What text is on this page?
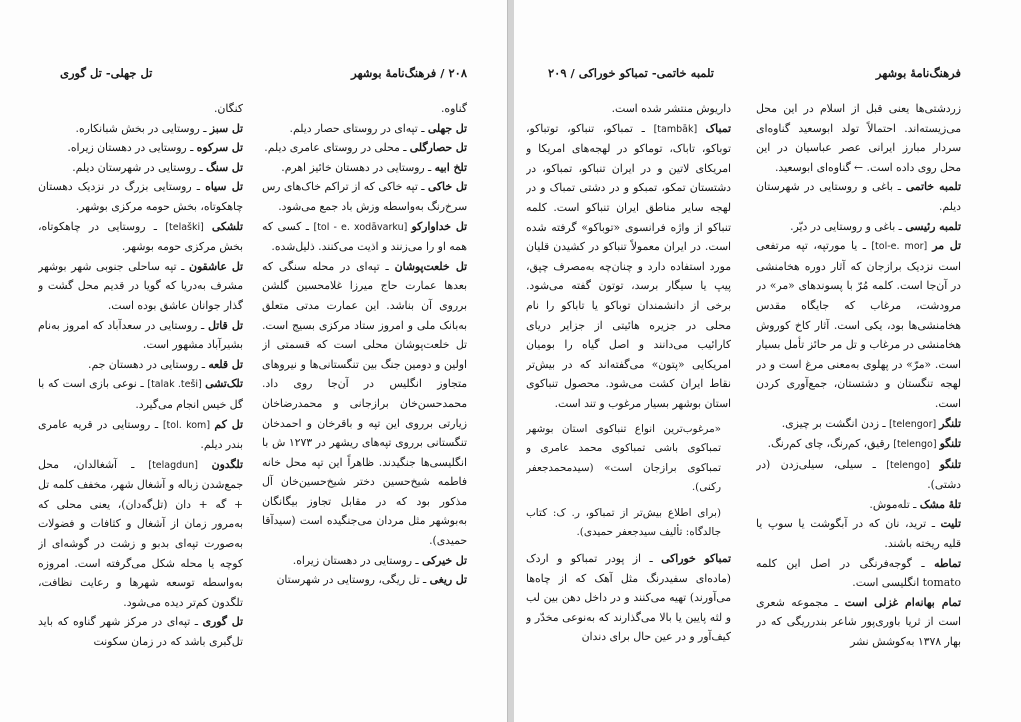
۲۰۸ / فرهنگ‌نامهٔ بوشهر
تل جهلی- تل گوری

گناوه.

تل جهلی ـ تپه‌ای در روستای حصار دیلم.

تل حصارگلی ـ محلی در روستای عامری دیلم.

تلخ ابیه ـ روستایی در دهستان خائیز اهرم.

تل خاکی ـ تپه خاکی که از تراکم خاک‌های رس سرخ‌رنگ به‌واسطه وزش باد جمع می‌شود.

تل خداوارکو [tol - e. xodāvarku] ـ کسی که همه او را می‌زنند و اذیت می‌کنند. ذلیل‌شده.

تل خلعت‌پوشان ـ تپه‌ای در محله سنگی که بعدها عمارت حاج میرزا غلامحسین گلشن برروی آن بناشد. این عمارت مدتی متعلق به‌بانک ملی و امروز ستاد مرکزی بسیج است. تل خلعت‌پوشان محلی است که قسمتی از اولین و دومین جنگ بین تنگستانی‌ها و نیروهای متجاوز انگلیس در آن‌جا روی داد. محمدحسن‌خان برازجانی و محمدرضاخان زیارتی برروی این تپه و باقرخان و احمدخان تنگستانی برروی تپه‌های ریشهر در ۱۲۷۳ ش با انگلیسی‌ها جنگیدند. ظاهراً این تپه محل خانه فاطمه شیخ‌حسین دختر شیخ‌حسین‌خان آل مذکور بود که در مقابل تجاوز بیگانگان به‌بوشهر مثل مردان می‌جنگیده است (سیدآقا حمیدی).

تل خیرکی ـ روستایی در دهستان زیراه.

تل ریغی ـ تل ریگی، روستایی در شهرستان

کنگان.

تل سبز ـ روستایی در بخش شبانکاره.

تل سرکوه ـ روستایی در دهستان زیراه.

تل سنگ ـ روستایی در شهرستان دیلم.

تل سیاه ـ روستایی بزرگ در نزدیک دهستان چاهکوتاه، بخش حومه مرکزی بوشهر.

تلشکی [telaški] ـ روستایی در چاهکوتاه، بخش مرکزی حومه بوشهر.

تل عاشقون ـ تپه ساحلی جنوبی شهر بوشهر مشرف به‌دریا که گویا در قدیم محل گشت و گذار جوانان عاشق بوده است.

تل قاتل ـ روستایی در سعدآباد که امروز به‌نام بشیرآباد مشهور است.

تل قلعه ـ روستایی در دهستان جم.

تلک‌تشی [talak .teši] ـ نوعی بازی است که با گل خیس انجام می‌گیرد.

تل کم [tol. kom] ـ روستایی در قریه عامری بندر دیلم.

تلگدون [telagdun] ـ آشغالدان، محل جمع‌شدن زباله و آشغال شهر، مخفف کلمه تل + گه + دان (تل‌گه‌دان)، یعنی محلی که به‌مرور زمان از آشغال و کثافات و فضولات به‌صورت تپه‌ای بدبو و زشت در گوشه‌ای از کوچه یا محله شکل می‌گرفته است. امروزه به‌واسطه توسعه شهرها و رعایت نظافت، تلگدون کم‌تر دیده می‌شود.

تل گوری ـ تپه‌ای در مرکز شهر گناوه که باید تل‌گبری باشد که در زمان سکونت

فرهنگ‌نامهٔ بوشهر
تلمبه خاتمی- تمباکو خوراکی / ۲۰۹

زردشتی‌ها یعنی قبل از اسلام در این محل می‌زیسته‌اند. احتمالاً تولد ابوسعید گناوه‌ای سردار مبارز ایرانی عصر عباسیان در این محل روی داده است. ← گناوه‌ای ابوسعید.

تلمبه خاتمی ـ باغی و روستایی در شهرستان دیلم.

تلمبه رئیسی ـ باغی و روستایی در دیّر.

تل مر [tol-e. mor] ـ یا مورتپه، تپه مرتفعی است نزدیک برازجان که آثار دوره هخامنشی در آن‌جا است. کلمه مُرّ با پسوندهای «مر» در مرودشت، مرغاب که جایگاه مقدس هخامنشی‌ها بود، یکی است. آثار کاخ کوروش هخامنشی در مرغاب و تل مر حائز تأمل بسیار است. «مرّ» در پهلوی به‌معنی مرغ است و در لهجه تنگستان و دشتستان، جمع‌آوری کردن است.

تلنگر [telengor] ـ زدن انگشت بر چیزی.

تلنگو [telengo] رقیق، کم‌رنگ، چای کم‌رنگ.

تلنگو [telengo] ـ سیلی، سیلی‌زدن (در دشتی).

تلهٔ مشک ـ تله‌موش.

تلیت ـ ترید، نان که در آبگوشت یا سوپ یا قلیه ریخته باشند.

تماطه ـ گوجه‌فرنگی در اصل این کلمه tomato انگلیسی است.

تمام بهانه‌ام غزلی است ـ مجموعه شعری است از ثریا باوری‌پور شاعر بندرریگی که در بهار ۱۳۷۸ به‌کوشش نشر

داریوش منتشر شده است.

تمباک [tambāk] ـ تمباکو، تنباکو، توتباکو، توباکو، تاباک، توماکو در لهجه‌های امریکا و امریکای لاتین و در ایران تنباکو، تمباکو، در دشتستان تمکو، تمبکو و در دشتی تمباک و در لهجه سایر مناطق ایران تنباکو است. کلمه تنباکو از واژه فرانسوی «توباکو» گرفته شده است. در ایران معمولاً تنباکو در کشیدن قلیان مورد استفاده دارد و چنان‌چه به‌مصرف چپق، پیپ یا سیگار برسد، توتون گفته می‌شود. برخی از دانشمندان توباکو یا تاباکو را نام محلی در جزیره هائیتی از جزایر دریای کارائیب می‌دانند و اصل گیاه را بومیان امریکایی «پتون» می‌گفته‌اند که در بیش‌تر نقاط ایران کشت می‌شود. محصول تنباکوی استان بوشهر بسیار مرغوب و تند است.

«مرغوب‌ترین انواع تنباکوی استان بوشهر تمباکوی باشی تمباکوی محمد عامری و تمباکوی برازجان است» (سیدمحمدجعفر رکنی).

(برای اطلاع بیش‌تر از تمباکو، ر. ک: کتاب جالدگاه: تألیف سیدجعفر حمیدی).

تمباکو خوراکی ـ از پودر تمباکو و اردک (ماده‌ای سفیدرنگ مثل آهک که از چاه‌ها می‌آورند) تهیه می‌کنند و در داخل دهن بین لب و لثه پایین یا بالا می‌گذارند که به‌نوعی مخدّر و کیف‌آور و در عین حال برای دندان
